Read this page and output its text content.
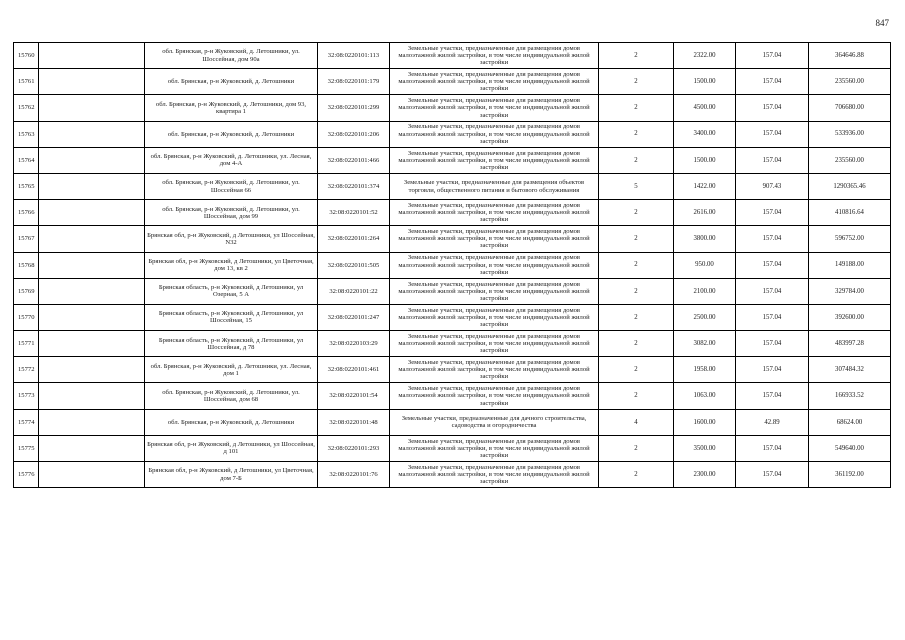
847
15760		обл. Брянская, р-н Жуковский, д. Летошники, ул. Шоссейная, дом 90а	32:08:0220101:113	Земельные участки, предназначенные для размещения домов малоэтажной жилой застройки, в том числе индивидуальной жилой застройки	2	2322.00	157.04	364646.88
15761		обл. Брянская, р-н Жуковский, д. Летошники	32:08:0220101:179	Земельные участки, предназначенные для размещения домов малоэтажной жилой застройки, в том числе индивидуальной жилой застройки	2	1500.00	157.04	235560.00
15762		обл. Брянская, р-н Жуковский, д. Летошники, дом 93, квартира 1	32:08:0220101:299	Земельные участки, предназначенные для размещения домов малоэтажной жилой застройки, в том числе индивидуальной жилой застройки	2	4500.00	157.04	706680.00
15763		обл. Брянская, р-н Жуковский, д. Летошники	32:08:0220101:206	Земельные участки, предназначенные для размещения домов малоэтажной жилой застройки, в том числе индивидуальной жилой застройки	2	3400.00	157.04	533936.00
15764		обл. Брянская, р-н Жуковский, д. Летошники, ул. Лесная, дом 4-А	32:08:0220101:466	Земельные участки, предназначенные для размещения домов малоэтажной жилой застройки, в том числе индивидуальной жилой застройки	2	1500.00	157.04	235560.00
15765		обл. Брянская, р-н Жуковский, д. Летошники, ул. Шоссейная 66	32:08:0220101:374	Земельные участки, предназначенные для размещения объектов торговли, общественного питания и бытового обслуживания	5	1422.00	907.43	1290365.46
15766		обл. Брянская, р-н Жуковский, д. Летошники, ул. Шоссейная, дом 99	32:08:0220101:52	Земельные участки, предназначенные для размещения домов малоэтажной жилой застройки, в том числе индивидуальной жилой застройки	2	2616.00	157.04	410816.64
15767		Брянская обл, р-н Жуковский, д Летошники, ул Шоссейная, N32	32:08:0220101:264	Земельные участки, предназначенные для размещения домов малоэтажной жилой застройки, в том числе индивидуальной жилой застройки	2	3800.00	157.04	596752.00
15768		Брянская обл, р-н Жуковский, д Летошники, ул Цветочная, дом 13, кв 2	32:08:0220101:505	Земельные участки, предназначенные для размещения домов малоэтажной жилой застройки, в том числе индивидуальной жилой застройки	2	950.00	157.04	149188.00
15769		Брянская область, р-н Жуковский, д Летошники, ул Озерная, 5 А	32:08:0220101:22	Земельные участки, предназначенные для размещения домов малоэтажной жилой застройки, в том числе индивидуальной жилой застройки	2	2100.00	157.04	329784.00
15770		Брянская область, р-н Жуковский, д Летошники, ул Шоссейная, 15	32:08:0220101:247	Земельные участки, предназначенные для размещения домов малоэтажной жилой застройки, в том числе индивидуальной жилой застройки	2	2500.00	157.04	392600.00
15771		Брянская область, р-н Жуковский, д Летошники, ул Шоссейная, д 78	32:08:0220103:29	Земельные участки, предназначенные для размещения домов малоэтажной жилой застройки, в том числе индивидуальной жилой застройки	2	3082.00	157.04	483997.28
15772		обл. Брянская, р-н Жуковский, д. Летошники, ул. Лесная, дом 1	32:08:0220101:461	Земельные участки, предназначенные для размещения домов малоэтажной жилой застройки, в том числе индивидуальной жилой застройки	2	1958.00	157.04	307484.32
15773		обл. Брянская, р-н Жуковский, д. Летошники, ул. Шоссейная, дом 68	32:08:0220101:54	Земельные участки, предназначенные для размещения домов малоэтажной жилой застройки, в том числе индивидуальной жилой застройки	2	1063.00	157.04	166933.52
15774		обл. Брянская, р-н Жуковский, д. Летошники	32:08:0220101:48	Земельные участки, предназначенные для дачного строительства, садоводства и огородничества	4	1600.00	42.89	68624.00
15775		Брянская обл, р-н Жуковский, д Летошники, ул Шоссейная, д 101	32:08:0220101:293	Земельные участки, предназначенные для размещения домов малоэтажной жилой застройки, в том числе индивидуальной жилой застройки	2	3500.00	157.04	549640.00
15776		Брянская обл, р-н Жуковский, д Летошники, ул Цветочная, дом 7-Б	32:08:0220101:76	Земельные участки, предназначенные для размещения домов малоэтажной жилой застройки, в том числе индивидуальной жилой застройки	2	2300.00	157.04	361192.00
